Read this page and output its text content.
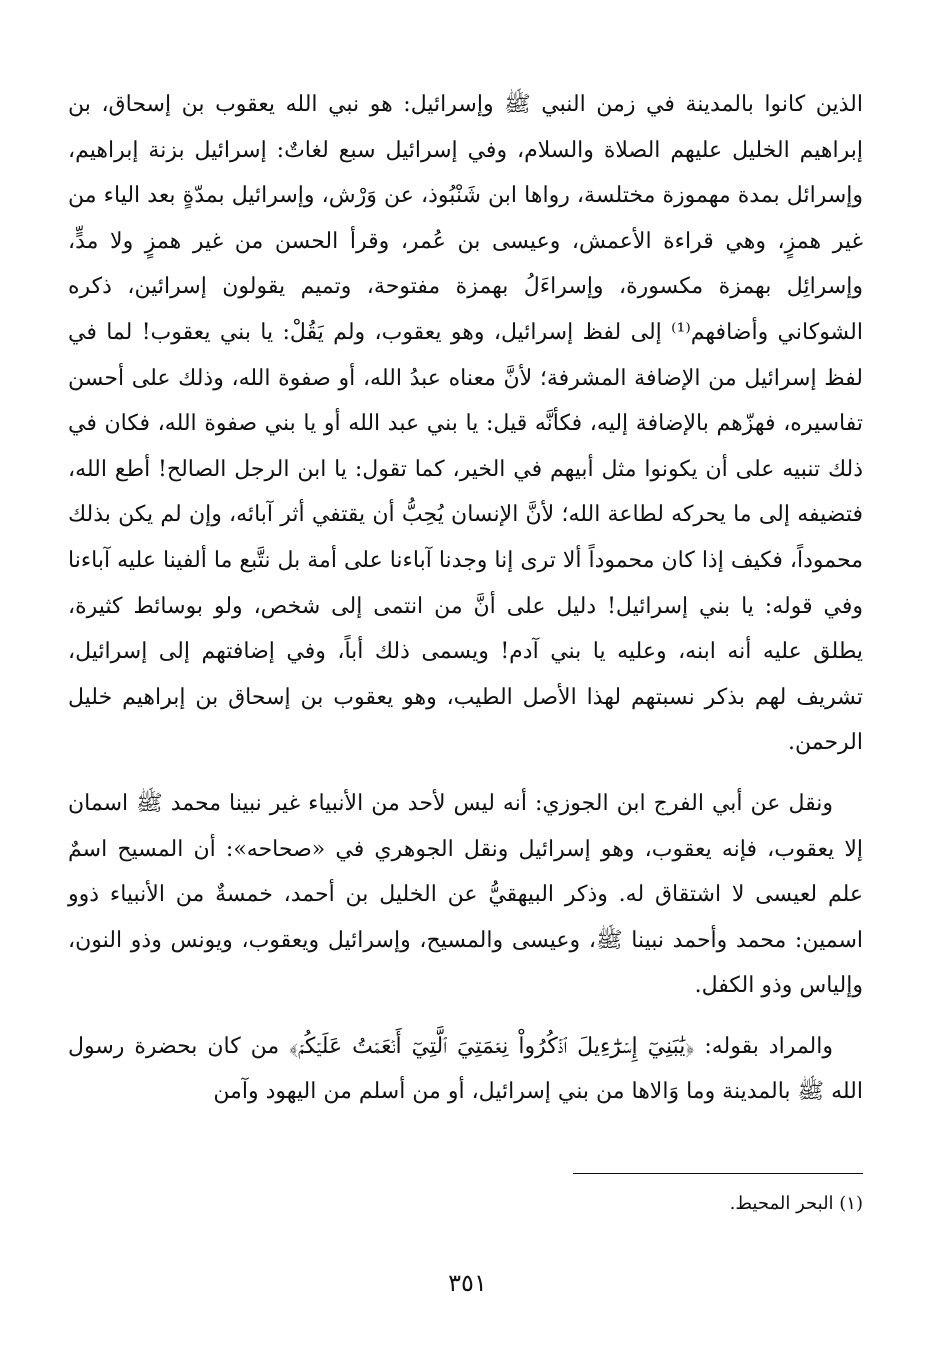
الذين كانوا بالمدينة في زمن النبي ﷺ وإسرائيل: هو نبي الله يعقوب بن إسحاق، بن إبراهيم الخليل عليهم الصلاة والسلام، وفي إسرائيل سبع لغاتٌ: إسرائيل بزنة إبراهيم، وإسرائل بمدة مهموزة مختلسة، رواها ابن شَنْبُوذ، عن وَرْش، وإسرائيل بمدّةٍ بعد الياء من غير همزٍ، وهي قراءة الأعمش، وعيسى بن عُمر، وقرأ الحسن من غير همزٍ ولا مدٍّ، وإسرائِل بهمزة مكسورة، وإسراءَلُ بهمزة مفتوحة، وتميم يقولون إسرائين، ذكره الشوكاني وأضافهم⁽¹⁾ إلى لفظ إسرائيل، وهو يعقوب، ولم يَقُلْ: يا بني يعقوب! لما في لفظ إسرائيل من الإضافة المشرفة؛ لأنَّ معناه عبدُ الله، أو صفوة الله، وذلك على أحسن تفاسيره، فهزّهم بالإضافة إليه، فكأنَّه قيل: يا بني عبد الله أو يا بني صفوة الله، فكان في ذلك تنبيه على أن يكونوا مثل أبيهم في الخير، كما تقول: يا ابن الرجل الصالح! أطع الله، فتضيفه إلى ما يحركه لطاعة الله؛ لأنَّ الإنسان يُحِبُّ أن يقتفي أثر آبائه، وإن لم يكن بذلك محموداً، فكيف إذا كان محموداً ألا ترى إنا وجدنا آباءنا على أمة بل نتَّبع ما ألفينا عليه آباءنا وفي قوله: يا بني إسرائيل! دليل على أنَّ من انتمى إلى شخص، ولو بوسائط كثيرة، يطلق عليه أنه ابنه، وعليه يا بني آدم! ويسمى ذلك أباً، وفي إضافتهم إلى إسرائيل، تشريف لهم بذكر نسبتهم لهذا الأصل الطيب، وهو يعقوب بن إسحاق بن إبراهيم خليل الرحمن.

ونقل عن أبي الفرج ابن الجوزي: أنه ليس لأحد من الأنبياء غير نبينا محمد ﷺ اسمان إلا يعقوب، فإنه يعقوب، وهو إسرائيل ونقل الجوهري في «صحاحه»: أن المسيح اسمٌ علم لعيسى لا اشتقاق له. وذكر البيهقيُّ عن الخليل بن أحمد، خمسةٌ من الأنبياء ذوو اسمين: محمد وأحمد نبينا ﷺ، وعيسى والمسيح، وإسرائيل ويعقوب، ويونس وذو النون، وإلياس وذو الكفل.

والمراد بقوله: ﴿يَٰبَنِيٓ إِسۡرَٰٓءِيلَ ٱذۡكُرُواْ نِعۡمَتِيَ ٱلَّتِيٓ أَنۡعَمۡتُ عَلَيۡكُمۡ﴾ من كان بحضرة رسول الله ﷺ بالمدينة وما وَالاها من بني إسرائيل، أو من أسلم من اليهود وآمن

(١) البحر المحيط.
٣٥١
